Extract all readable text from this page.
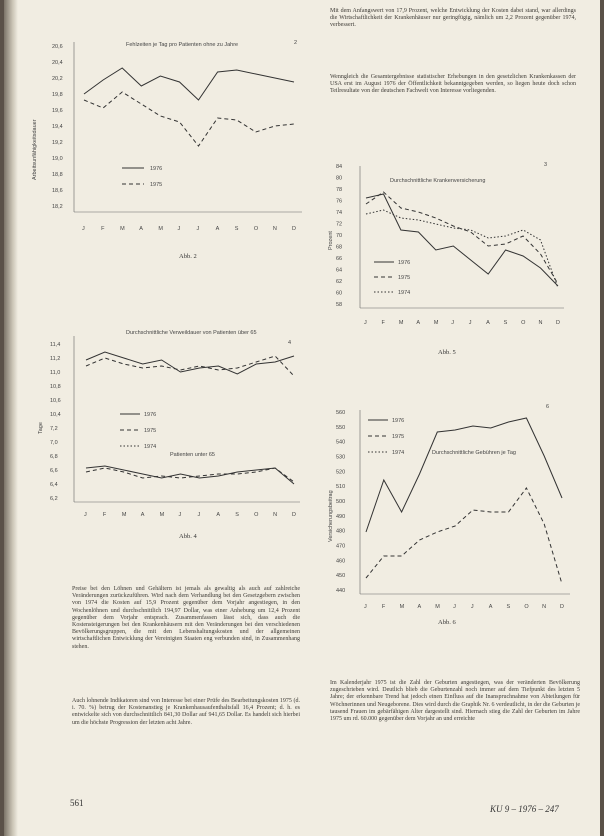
Fehlzeiten je Tag pro Patienten ohne zu Jahre	2
20,6
20,4
20,2
19,8
19,6
19,4
19,2
19,0
18,8
18,6
18,2
Arbeitsunfähigkeitsdauer	1976
1975
J	F	M	A	M	J	J	A	S	O	N	D
Abb. 2
Mit dem Anfangswert von 17,9 Prozent, welche Entwicklung der Kosten dabei stand, war allerdings die Wirtschaftlichkeit der Krankenhäuser nur geringfügig, nämlich um 2,2 Prozent gegenüber 1974, verbessert.
Wenngleich die Gesamtergebnisse statistischer Erhebungen in den gesetzlichen Krankenkassen der USA erst im August 1976 der Öffentlichkeit bekanntgegeben werden, so liegen heute doch schon Teilresultate von der deutschen Fachwelt von Interesse vorliegenden.
Durchschnittliche Krankenversicherung
3
84
80
78
76
74
72
70
68
66
64
62
60
58
Prozent
1976
1975
1974
J	F	M A	M J	J	A	S	O N D
Abb. 5
Durchschnittliche Verweildauer von Patienten über 65
Patienten unter 65
4
11,4
11,2
11,0
10,8
10,6
10,4
7,2
7,0
6,8
6,6
6,4
6,2
Tage
1976
1975
1974
J	F	M	A	M	J	J	A	S	O	N	D
Abb. 4
Durchschnittliche Gebühren je Tag
6
560
550
540
530
520
510
500
490
480
470
460
450
440
Versicherungsbeitrag
1976
1975
1974
J	F	M A	M J	J	A	S	O N	D
Abb. 6
Preise bei den Löhnen und Gehältern ist jemals als gewaltig als auch auf zahlreiche Veränderungen zurückzuführen. Wird nach dem Verhandlung bei den Gesetzgebern zwischen von 1974 die Kosten auf 15,9 Prozent gegenüber dem Vorjahr angestiegen, in den Wochenlöhnen und durchschnittlich 194,97 Dollar, was einer Anhebung um 12,4 Prozent gegenüber dem Vorjahr entsprach. Zusammenfassen lässt sich, dass auch die Kostensteigerungen bei den Krankenhäusern mit den Veränderungen bei den verschiedenen Bevölkerungsgruppen, die mit den Lebenshaltungskosten und der allgemeinen wirtschaftlichen Entwicklung der Vereinigten Staaten eng verbunden sind, in Zusammenhang stehen.
Auch lohnende Indikatoren sind von Interesse bei einer Prüfe des Bearbeitungskosten 1975 (d. i. 70. %) betrug der Kostenanstieg je Krankenhausaufenthaltsfall 16,4 Prozent; d. h. es entwickelte sich von durchschnittlich 841,30 Dollar auf 941,65 Dollar. Es handelt sich hierbei um die höchste Progression der letzten acht Jahre.
Im Kalenderjahr 1975 ist die Zahl der Geburten angestiegen, was der veränderten Bevölkerung zugeschrieben wird. Deutlich blieb die Geburtenzahl noch immer auf dem Tiefpunkt des letzten 5 Jahre; der erkennbare Trend hat jedoch einen Einfluss auf die Inanspruchnahme von Abteilungen für Wöchnerinnen und Neugeborene. Dies wird durch die Graphik Nr. 6 verdeutlicht, in der die Geburten je tausend Frauen im gebärfähigen Alter dargestellt sind. Hiernach stieg die Zahl der Geburten im Jahre 1975 um rd. 60.000 gegenüber dem Vorjahr an und erreichte
561
KU 9 – 1976 – 247
